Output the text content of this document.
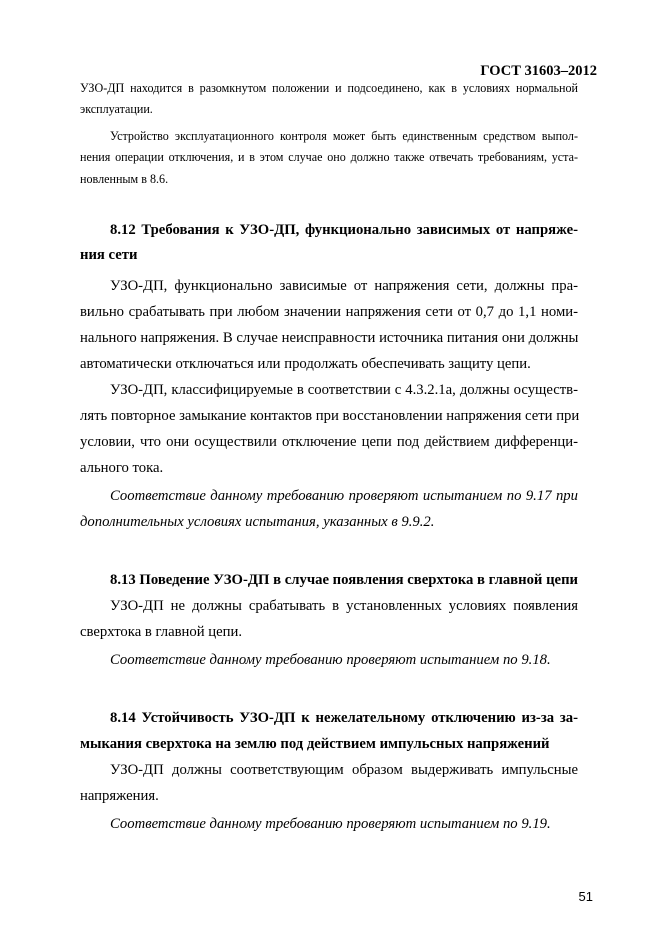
ГОСТ 31603–2012
УЗО-ДП находится в разомкнутом положении и подсоединено, как в условиях нормальной
эксплуатации.
Устройство эксплуатационного контроля может быть единственным средством выпол-
нения операции отключения, и в этом случае оно должно также отвечать требованиям, уста-
новленным в 8.6.
8.12 Требования к УЗО-ДП, функционально зависимых от напряже-
ния сети
УЗО-ДП, функционально зависимые от напряжения сети, должны пра-
вильно срабатывать при любом значении напряжения сети от 0,7 до 1,1 номи-
нального напряжения. В случае неисправности источника питания они должны
автоматически отключаться или продолжать обеспечивать защиту цепи.
УЗО-ДП, классифицируемые в соответствии с 4.3.2.1а, должны осуществ-
лять повторное замыкание контактов при восстановлении напряжения сети при
условии, что они осуществили отключение цепи под действием дифференци-
ального тока.
Соответствие данному требованию проверяют испытанием по 9.17 при
дополнительных условиях испытания, указанных в 9.9.2.
8.13 Поведение УЗО-ДП в случае появления сверхтока в главной цепи
УЗО-ДП не должны срабатывать в установленных условиях появления
сверхтока в главной цепи.
Соответствие данному требованию проверяют испытанием по 9.18.
8.14 Устойчивость УЗО-ДП к нежелательному отключению из-за за-
мыкания сверхтока на землю под действием импульсных напряжений
УЗО-ДП должны соответствующим образом выдерживать импульсные
напряжения.
Соответствие данному требованию проверяют испытанием по 9.19.
51
